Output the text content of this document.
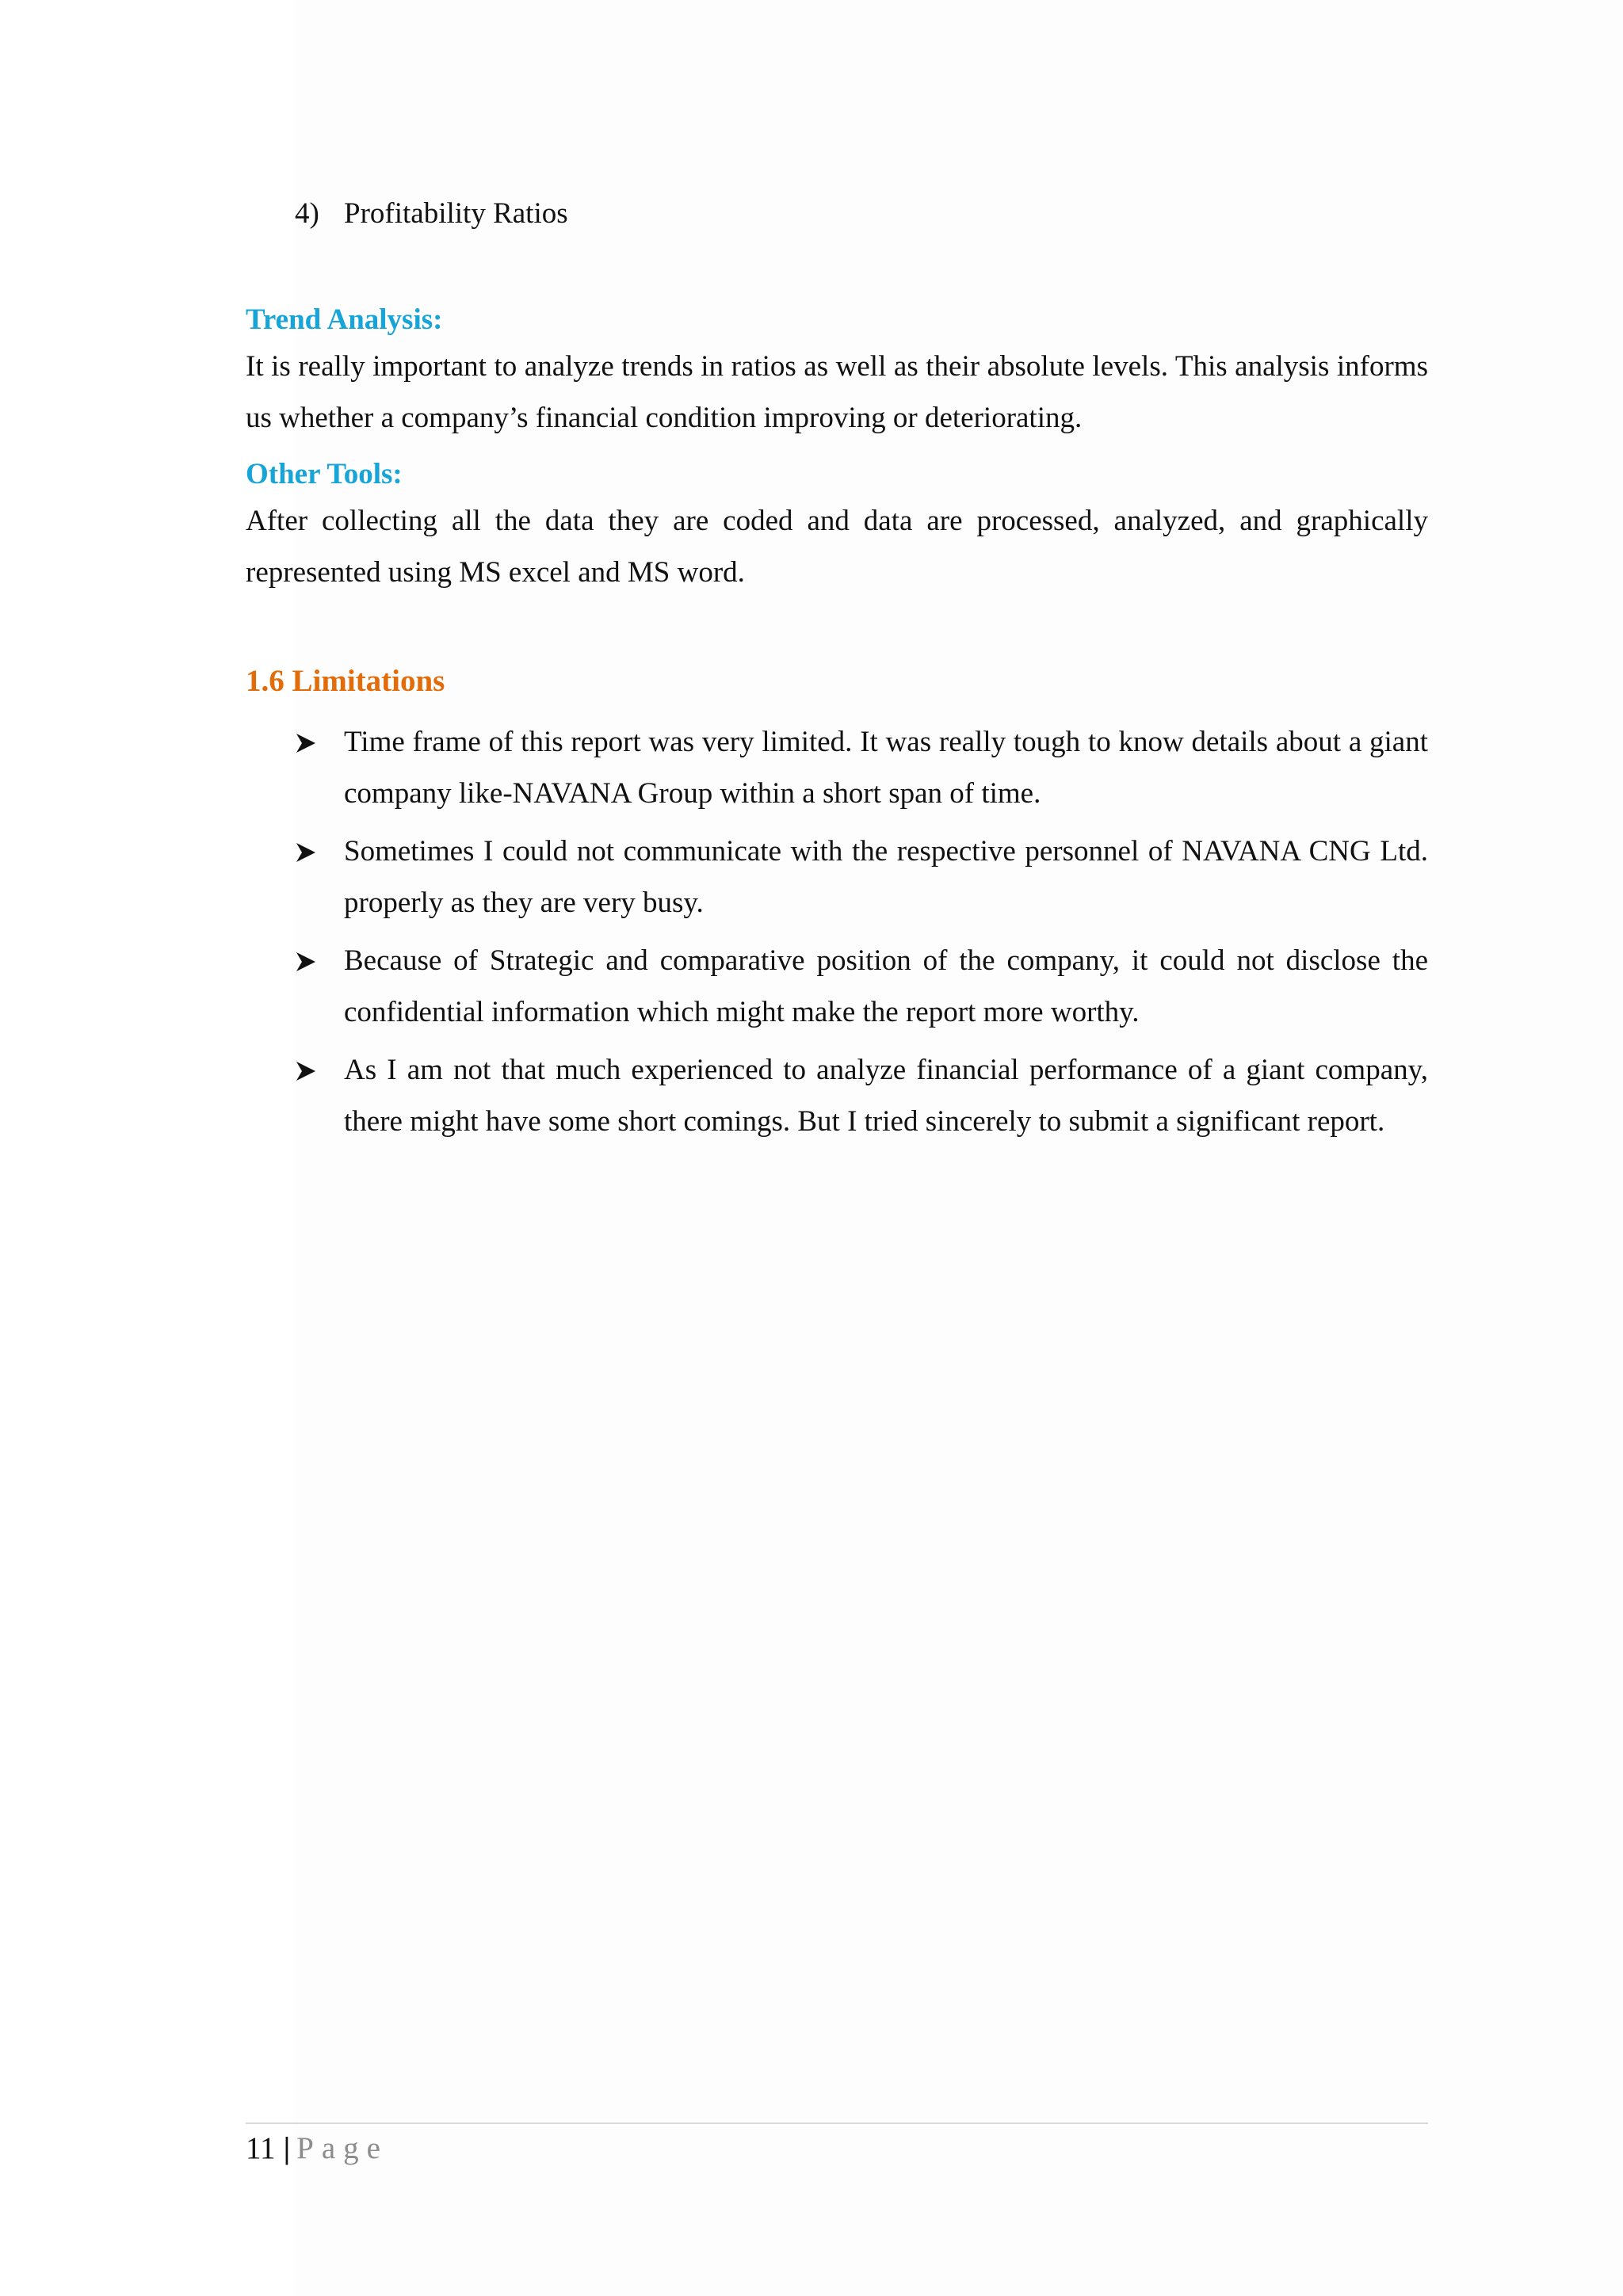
4) Profitability Ratios
Trend Analysis:

It is really important to analyze trends in ratios as well as their absolute levels. This analysis informs us whether a company’s financial condition improving or deteriorating.

Other Tools:

After collecting all the data they are coded and data are processed, analyzed, and graphically represented using MS excel and MS word.

1.6 Limitations
Time frame of this report was very limited. It was really tough to know details about a giant company like-NAVANA Group within a short span of time.
Sometimes I could not communicate with the respective personnel of NAVANA CNG Ltd. properly as they are very busy.
Because of Strategic and comparative position of the company, it could not disclose the confidential information which might make the report more worthy.
As I am not that much experienced to analyze financial performance of a giant company, there might have some short comings. But I tried sincerely to submit a significant report.
11 | Page
